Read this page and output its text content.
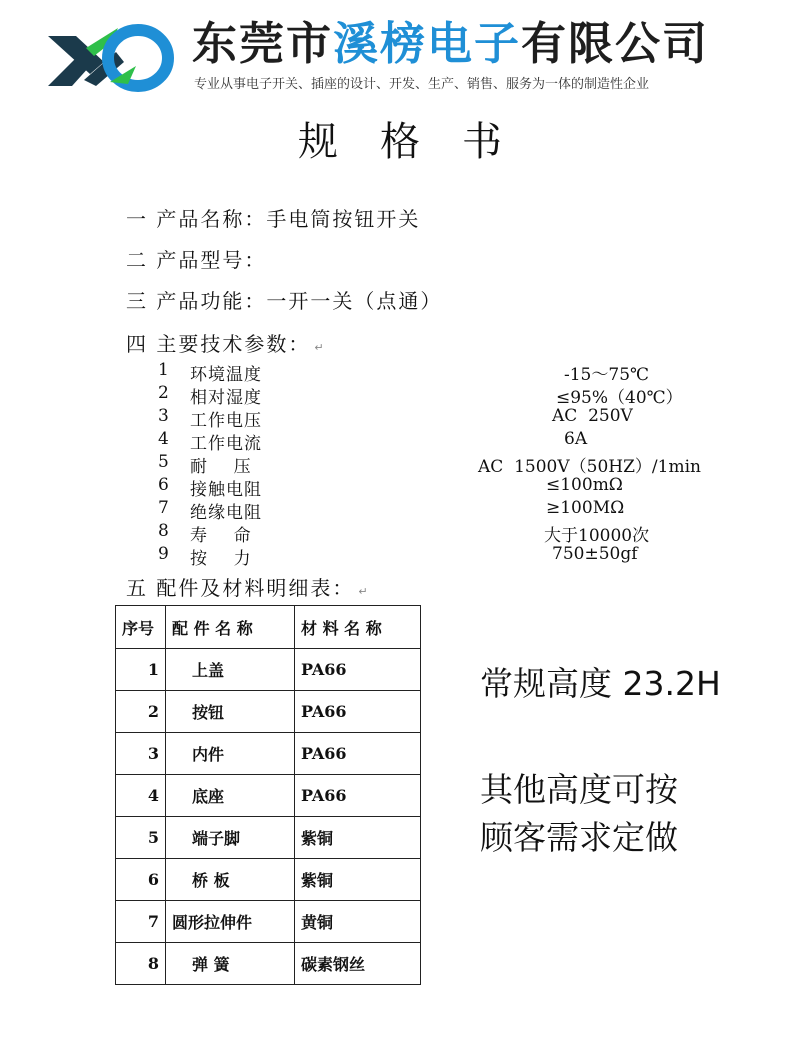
东莞市溪榜电子有限公司
专业从事电子开关、插座的设计、开发、生产、销售、服务为一体的制造性企业
规格书
一 产品名称：手电筒按钮开关
二 产品型号：
三 产品功能：一开一关（点通）
四 主要技术参数： ↵
1	环境温度	-15～75℃
2	相对湿度	≤95%（40℃）
3	工作电压	AC  250V
4	工作电流	6A
5	耐    压	AC  1500V（50HZ）/1min
6	接触电阻	≤100mΩ
7	绝缘电阻	≥100MΩ
8	寿    命	大于10000次
9	按    力	750±50gf
五 配件及材料明细表： ↵
序号	配 件 名 称	材 料 名 称
1	上盖	PA66
2	按钮	PA66
3	内件	PA66
4	底座	PA66
5	端子脚	紫铜
6	桥 板	紫铜
7	圆形拉伸件	黄铜
8	弹 簧	碳素钢丝
常规高度 23.2H
其他高度可按
顾客需求定做
